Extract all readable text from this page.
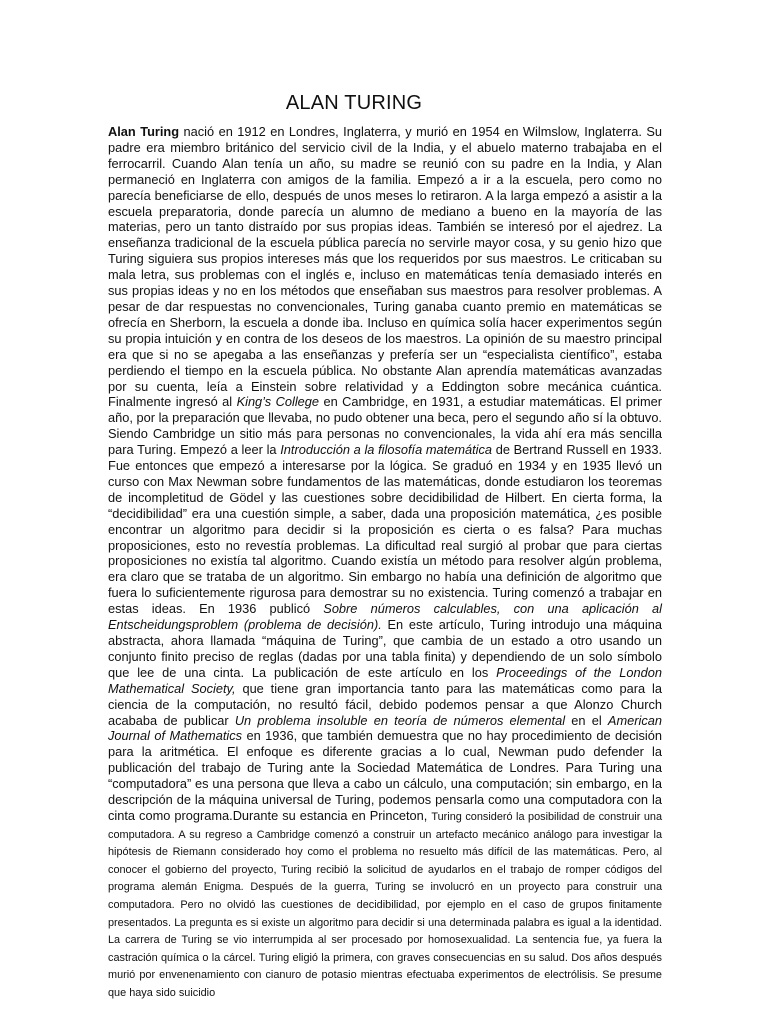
ALAN TURING

Alan Turing nació en 1912 en Londres, Inglaterra, y murió en 1954 en Wilmslow, Inglaterra. Su padre era miembro británico del servicio civil de la India, y el abuelo materno trabajaba en el ferrocarril. Cuando Alan tenía un año, su madre se reunió con su padre en la India, y Alan permaneció en Inglaterra con amigos de la familia. Empezó a ir a la escuela, pero como no parecía beneficiarse de ello, después de unos meses lo retiraron. A la larga empezó a asistir a la escuela preparatoria, donde parecía un alumno de mediano a bueno en la mayoría de las materias, pero un tanto distraído por sus propias ideas. También se interesó por el ajedrez. La enseñanza tradicional de la escuela pública parecía no servirle mayor cosa, y su genio hizo que Turing siguiera sus propios intereses más que los requeridos por sus maestros. Le criticaban su mala letra, sus problemas con el inglés e, incluso en matemáticas tenía demasiado interés en sus propias ideas y no en los métodos que enseñaban sus maestros para resolver problemas. A pesar de dar respuestas no convencionales, Turing ganaba cuanto premio en matemáticas se ofrecía en Sherborn, la escuela a donde iba. Incluso en química solía hacer experimentos según su propia intuición y en contra de los deseos de los maestros. La opinión de su maestro principal era que si no se apegaba a las enseñanzas y prefería ser un “especialista científico”, estaba perdiendo el tiempo en la escuela pública. No obstante Alan aprendía matemáticas avanzadas por su cuenta, leía a Einstein sobre relatividad y a Eddington sobre mecánica cuántica. Finalmente ingresó al King’s College en Cambridge, en 1931, a estudiar matemáticas. El primer año, por la preparación que llevaba, no pudo obtener una beca, pero el segundo año sí la obtuvo. Siendo Cambridge un sitio más para personas no convencionales, la vida ahí era más sencilla para Turing. Empezó a leer la Introducción a la filosofía matemática de Bertrand Russell en 1933. Fue entonces que empezó a interesarse por la lógica. Se graduó en 1934 y en 1935 llevó un curso con Max Newman sobre fundamentos de las matemáticas, donde estudiaron los teoremas de incompletitud de Gödel y las cuestiones sobre decidibilidad de Hilbert. En cierta forma, la “decidibilidad” era una cuestión simple, a saber, dada una proposición matemática, ¿es posible encontrar un algoritmo para decidir si la proposición es cierta o es falsa? Para muchas proposiciones, esto no revestía problemas. La dificultad real surgió al probar que para ciertas proposiciones no existía tal algoritmo. Cuando existía un método para resolver algún problema, era claro que se trataba de un algoritmo. Sin embargo no había una definición de algoritmo que fuera lo suficientemente rigurosa para demostrar su no existencia. Turing comenzó a trabajar en estas ideas. En 1936 publicó Sobre números calculables, con una aplicación al Entscheidungsproblem (problema de decisión). En este artículo, Turing introdujo una máquina abstracta, ahora llamada “máquina de Turing”, que cambia de un estado a otro usando un conjunto finito preciso de reglas (dadas por una tabla finita) y dependiendo de un solo símbolo que lee de una cinta. La publicación de este artículo en los Proceedings of the London Mathematical Society, que tiene gran importancia tanto para las matemáticas como para la ciencia de la computación, no resultó fácil, debido podemos pensar a que Alonzo Church acababa de publicar Un problema insoluble en teoría de números elemental en el American Journal of Mathematics en 1936, que también demuestra que no hay procedimiento de decisión para la aritmética. El enfoque es diferente gracias a lo cual, Newman pudo defender la publicación del trabajo de Turing ante la Sociedad Matemática de Londres. Para Turing una “computadora” es una persona que lleva a cabo un cálculo, una computación; sin embargo, en la descripción de la máquina universal de Turing, podemos pensarla como una computadora con la cinta como programa.Durante su estancia en Princeton, Turing consideró la posibilidad de construir una computadora. A su regreso a Cambridge comenzó a construir un artefacto mecánico análogo para investigar la hipótesis de Riemann considerado hoy como el problema no resuelto más difícil de las matemáticas. Pero, al conocer el gobierno del proyecto, Turing recibió la solicitud de ayudarlos en el trabajo de romper códigos del programa alemán Enigma. Después de la guerra, Turing se involucró en un proyecto para construir una computadora. Pero no olvidó las cuestiones de decidibilidad, por ejemplo en el caso de grupos finitamente presentados. La pregunta es si existe un algoritmo para decidir si una determinada palabra es igual a la identidad. La carrera de Turing se vio interrumpida al ser procesado por homosexualidad. La sentencia fue, ya fuera la castración química o la cárcel. Turing eligió la primera, con graves consecuencias en su salud. Dos años después murió por envenenamiento con cianuro de potasio mientras efectuaba experimentos de electrólisis. Se presume que haya sido suicidio
